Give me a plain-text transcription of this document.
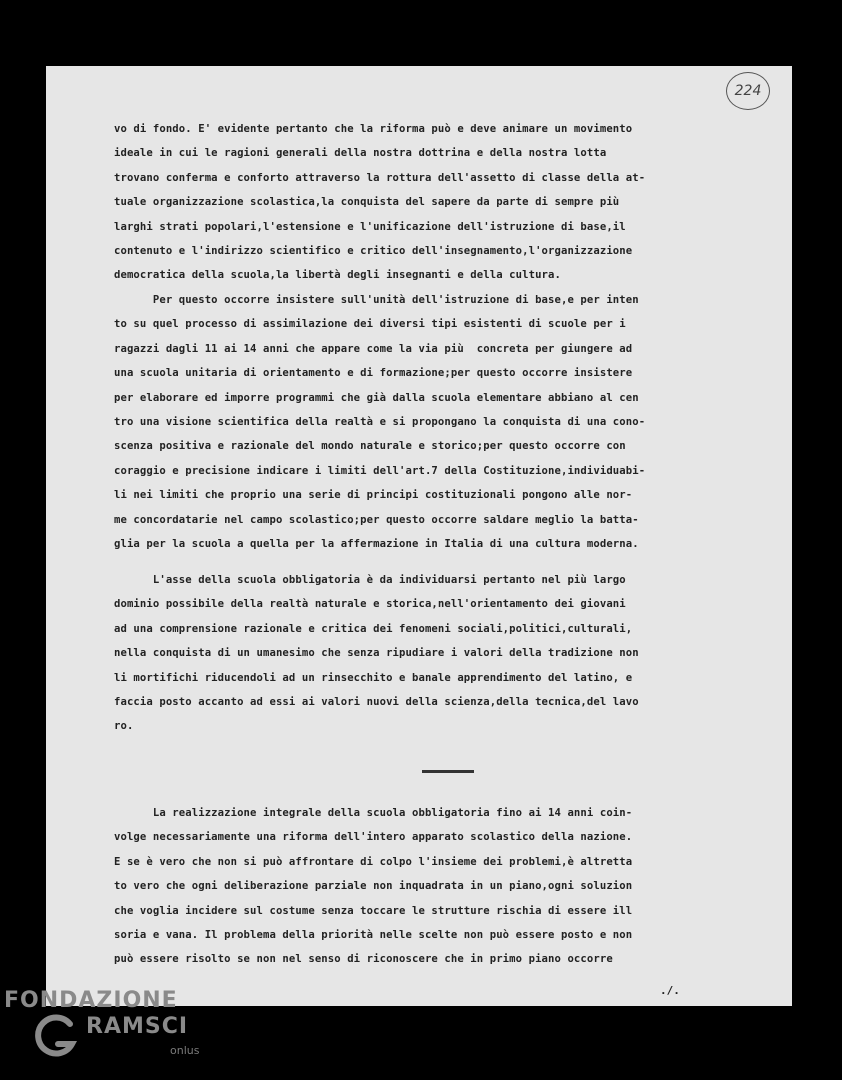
224
vo di fondo. E' evidente pertanto che la riforma può e deve animare un movimento
ideale in cui le ragioni generali della nostra dottrina e della nostra lotta
trovano conferma e conforto attraverso la rottura dell'assetto di classe della at-
tuale organizzazione scolastica,la conquista del sapere da parte di sempre più
larghi strati popolari,l'estensione e l'unificazione dell'istruzione di base,il
contenuto e l'indirizzo scientifico e critico dell'insegnamento,l'organizzazione
democratica della scuola,la libertà degli insegnanti e della cultura.
Per questo occorre insistere sull'unità dell'istruzione di base,e per inten
to su quel processo di assimilazione dei diversi tipi esistenti di scuole per i
ragazzi dagli 11 ai 14 anni che appare come la via più  concreta per giungere ad
una scuola unitaria di orientamento e di formazione;per questo occorre insistere
per elaborare ed imporre programmi che già dalla scuola elementare abbiano al cen
tro una visione scientifica della realtà e si propongano la conquista di una cono-
scenza positiva e razionale del mondo naturale e storico;per questo occorre con
coraggio e precisione indicare i limiti dell'art.7 della Costituzione,individuabi-
li nei limiti che proprio una serie di principi costituzionali pongono alle nor-
me concordatarie nel campo scolastico;per questo occorre saldare meglio la batta-
glia per la scuola a quella per la affermazione in Italia di una cultura moderna.
L'asse della scuola obbligatoria è da individuarsi pertanto nel più largo
dominio possibile della realtà naturale e storica,nell'orientamento dei giovani
ad una comprensione razionale e critica dei fenomeni sociali,politici,culturali,
nella conquista di un umanesimo che senza ripudiare i valori della tradizione non
li mortifichi riducendoli ad un rinsecchito e banale apprendimento del latino, e
faccia posto accanto ad essi ai valori nuovi della scienza,della tecnica,del lavo
ro.
La realizzazione integrale della scuola obbligatoria fino ai 14 anni coin-
volge necessariamente una riforma dell'intero apparato scolastico della nazione.
E se è vero che non si può affrontare di colpo l'insieme dei problemi,è altretta
to vero che ogni deliberazione parziale non inquadrata in un piano,ogni soluzion
che voglia incidere sul costume senza toccare le strutture rischia di essere ill
soria e vana. Il problema della priorità nelle scelte non può essere posto e non
può essere risolto se non nel senso di riconoscere che in primo piano occorre
./.
FONDAZIONE
RAMSCI
onlus
